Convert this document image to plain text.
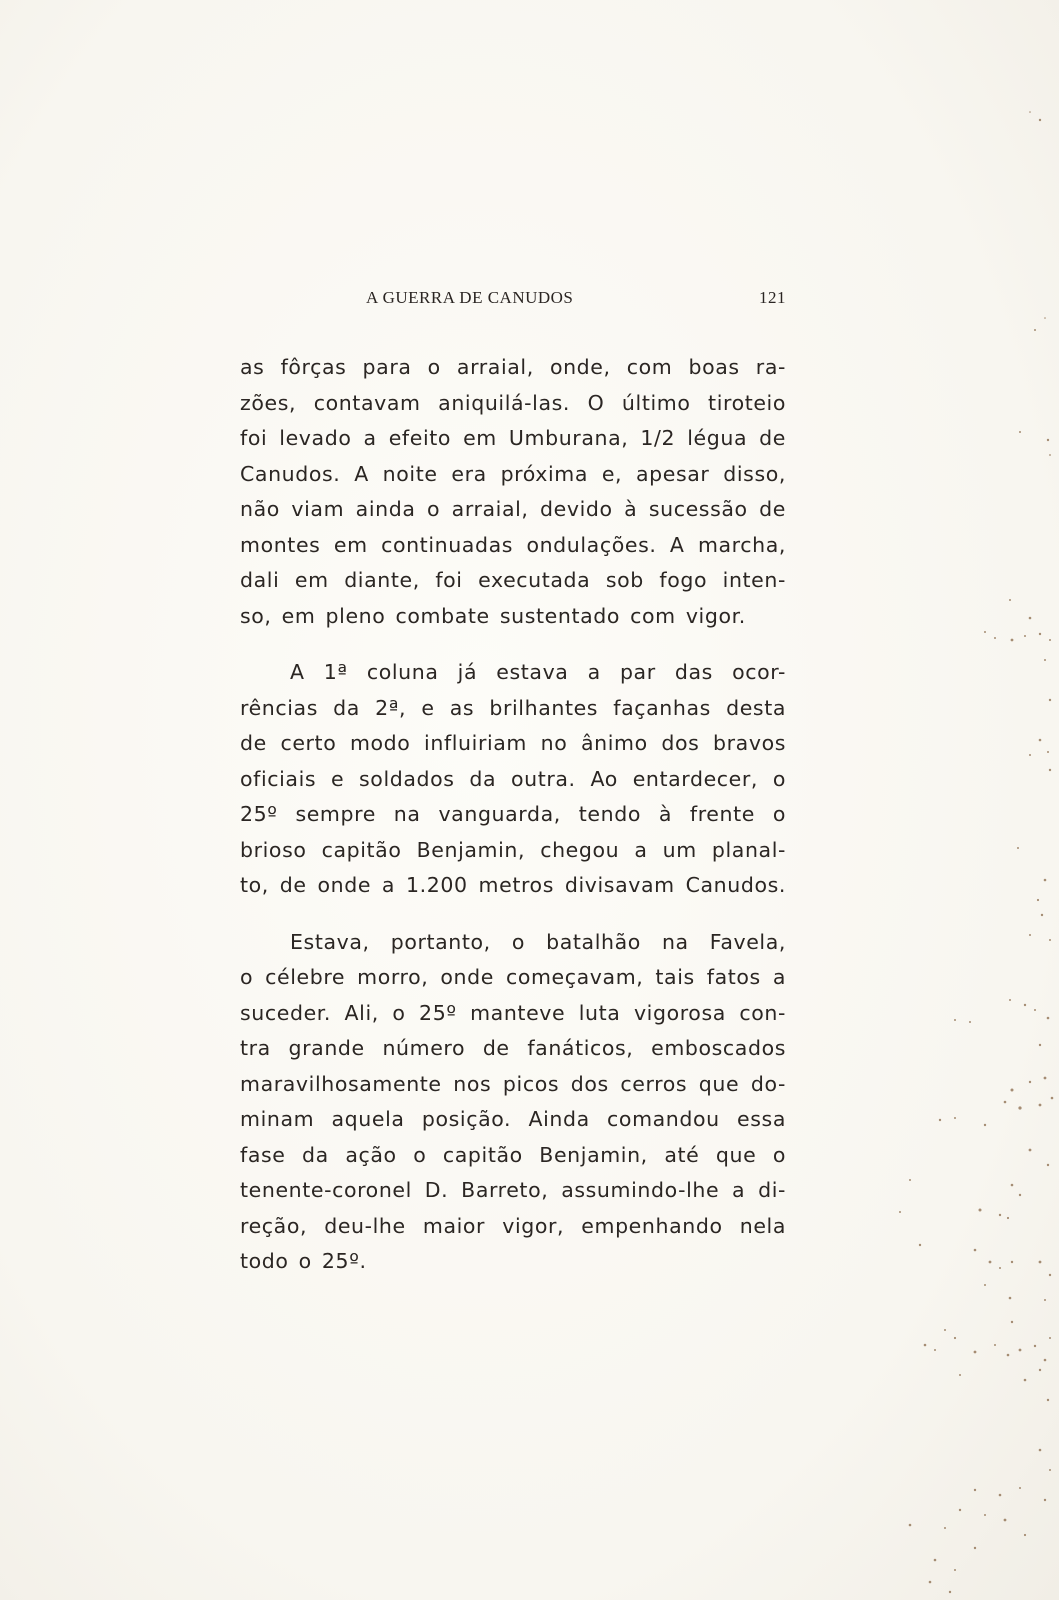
A GUERRA DE CANUDOS	121

as fôrças para o arraial, onde, com boas ra-
zões, contavam aniquilá-las. O último tiroteio
foi levado a efeito em Umburana, 1/2 légua de
Canudos. A noite era próxima e, apesar disso,
não viam ainda o arraial, devido à sucessão de
montes em continuadas ondulações. A marcha,
dali em diante, foi executada sob fogo inten-
so, em pleno combate sustentado com vigor.

A 1ª coluna já estava a par das ocor-
rências da 2ª, e as brilhantes façanhas desta
de certo modo influiriam no ânimo dos bravos
oficiais e soldados da outra. Ao entardecer, o
25º sempre na vanguarda, tendo à frente o
brioso capitão Benjamin, chegou a um planal-
to, de onde a 1.200 metros divisavam Canudos.

Estava, portanto, o batalhão na Favela,
o célebre morro, onde começavam, tais fatos a
suceder. Ali, o 25º manteve luta vigorosa con-
tra grande número de fanáticos, emboscados
maravilhosamente nos picos dos cerros que do-
minam aquela posição. Ainda comandou essa
fase da ação o capitão Benjamin, até que o
tenente-coronel D. Barreto, assumindo-lhe a di-
reção, deu-lhe maior vigor, empenhando nela
todo o 25º.
